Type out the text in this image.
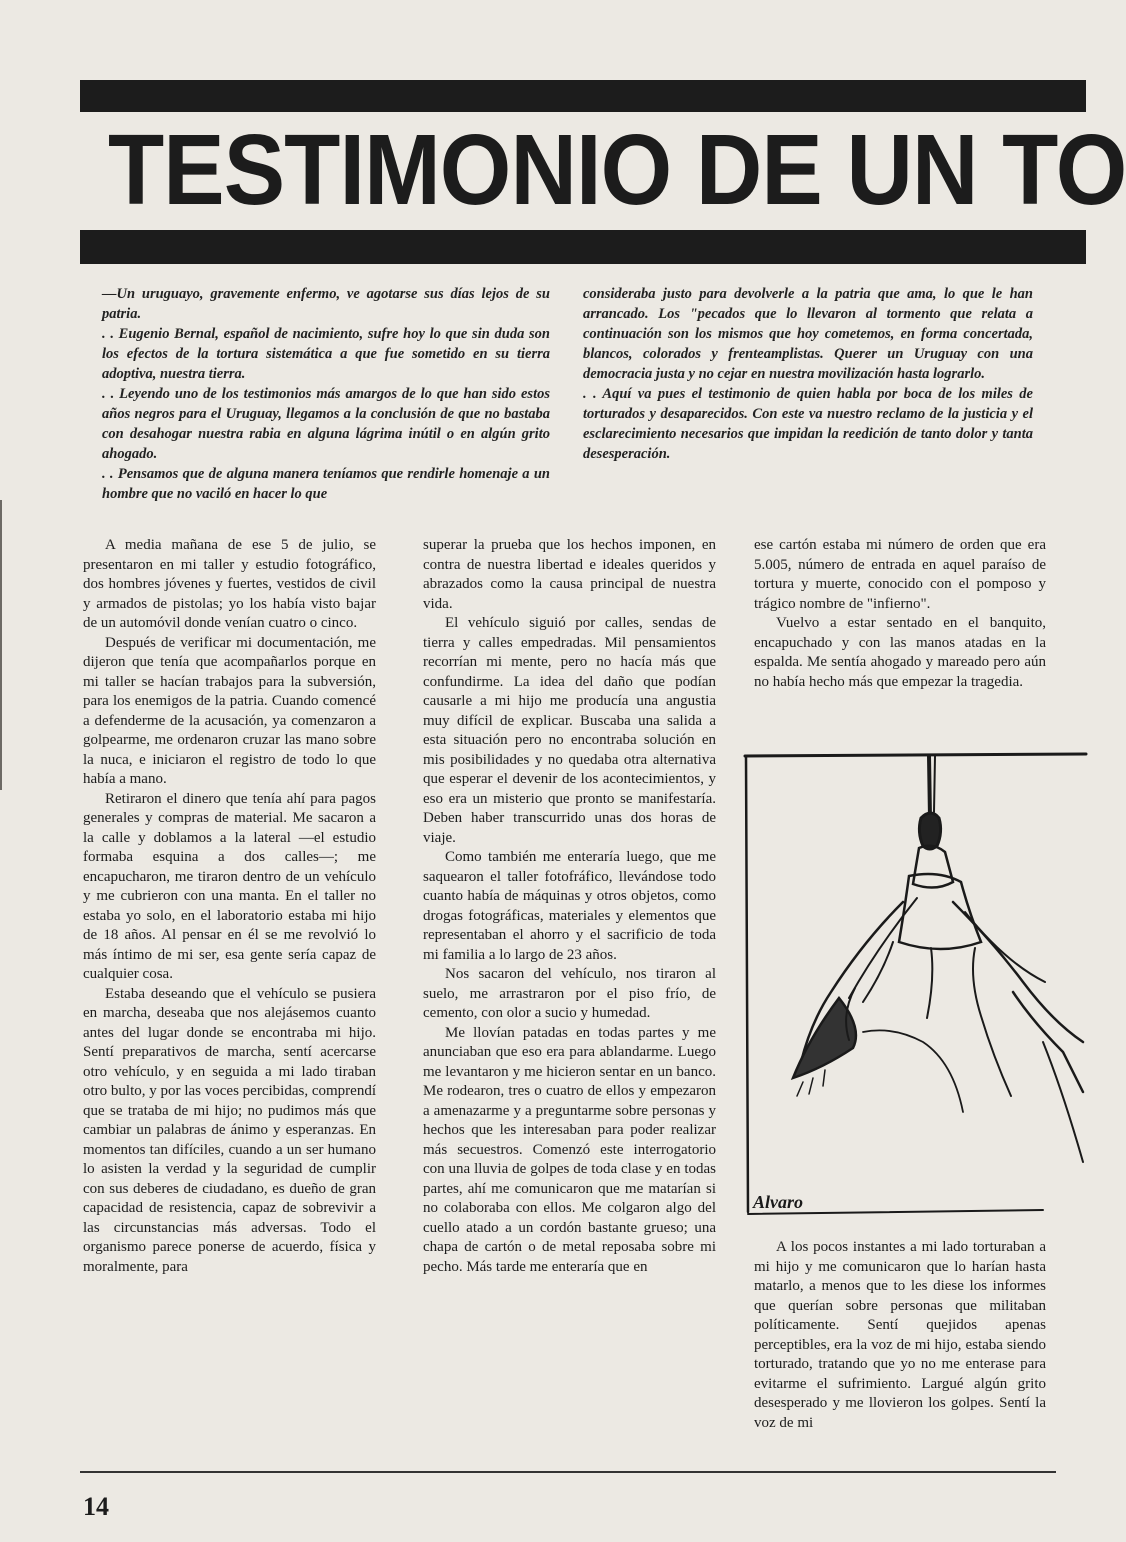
TESTIMONIO DE UN TO

—Un uruguayo, gravemente enfermo, ve agotarse sus días lejos de su patria.

. . Eugenio Bernal, español de nacimiento, sufre hoy lo que sin duda son los efectos de la tortura sistemática a que fue sometido en su tierra adoptiva, nuestra tierra.

. . Leyendo uno de los testimonios más amargos de lo que han sido estos años negros para el Uruguay, llegamos a la conclusión de que no bastaba con desahogar nuestra rabia en alguna lágrima inútil o en algún grito ahogado.

. . Pensamos que de alguna manera teníamos que rendirle homenaje a un hombre que no vaciló en hacer lo que

consideraba justo para devolverle a la patria que ama, lo que le han arrancado. Los "pecados que lo llevaron al tormento que relata a continuación son los mismos que hoy cometemos, en forma concertada, blancos, colorados y frenteamplistas. Querer un Uruguay con una democracia justa y no cejar en nuestra movilización hasta lograrlo.

. . Aquí va pues el testimonio de quien habla por boca de los miles de torturados y desaparecidos. Con este va nuestro reclamo de la justicia y el esclarecimiento necesarios que impidan la reedición de tanto dolor y tanta desesperación.

A media mañana de ese 5 de julio, se presentaron en mi taller y estudio fotográfico, dos hombres jóvenes y fuertes, vestidos de civil y armados de pistolas; yo los había visto bajar de un automóvil donde venían cuatro o cinco.

Después de verificar mi documentación, me dijeron que tenía que acompañarlos porque en mi taller se hacían trabajos para la subversión, para los enemigos de la patria. Cuando comencé a defenderme de la acusación, ya comenzaron a golpearme, me ordenaron cruzar las mano sobre la nuca, e iniciaron el registro de todo lo que había a mano.

Retiraron el dinero que tenía ahí para pagos generales y compras de material. Me sacaron a la calle y doblamos a la lateral —el estudio formaba esquina a dos calles—; me encapucharon, me tiraron dentro de un vehículo y me cubrieron con una manta. En el taller no estaba yo solo, en el laboratorio estaba mi hijo de 18 años. Al pensar en él se me revolvió lo más íntimo de mi ser, esa gente sería capaz de cualquier cosa.

Estaba deseando que el vehículo se pusiera en marcha, deseaba que nos alejásemos cuanto antes del lugar donde se encontraba mi hijo. Sentí preparativos de marcha, sentí acercarse otro vehículo, y en seguida a mi lado tiraban otro bulto, y por las voces percibidas, comprendí que se trataba de mi hijo; no pudimos más que cambiar un palabras de ánimo y esperanzas. En momentos tan difíciles, cuando a un ser humano lo asisten la verdad y la seguridad de cumplir con sus deberes de ciudadano, es dueño de gran capacidad de resistencia, capaz de sobrevivir a las circunstancias más adversas. Todo el organismo parece ponerse de acuerdo, física y moralmente, para

superar la prueba que los hechos imponen, en contra de nuestra libertad e ideales queridos y abrazados como la causa principal de nuestra vida.

El vehículo siguió por calles, sendas de tierra y calles empedradas. Mil pensamientos recorrían mi mente, pero no hacía más que confundirme. La idea del daño que podían causarle a mi hijo me producía una angustia muy difícil de explicar. Buscaba una salida a esta situación pero no encontraba solución en mis posibilidades y no quedaba otra alternativa que esperar el devenir de los acontecimientos, y eso era un misterio que pronto se manifestaría. Deben haber transcurrido unas dos horas de viaje.

Como también me enteraría luego, que me saquearon el taller fotofráfico, llevándose todo cuanto había de máquinas y otros objetos, como drogas fotográficas, materiales y elementos que representaban el ahorro y el sacrificio de toda mi familia a lo largo de 23 años.

Nos sacaron del vehículo, nos tiraron al suelo, me arrastraron por el piso frío, de cemento, con olor a sucio y humedad.

Me llovían patadas en todas partes y me anunciaban que eso era para ablandarme. Luego me levantaron y me hicieron sentar en un banco. Me rodearon, tres o cuatro de ellos y empezaron a amenazarme y a preguntarme sobre personas y hechos que les interesaban para poder realizar más secuestros. Comenzó este interrogatorio con una lluvia de golpes de toda clase y en todas partes, ahí me comunicaron que me matarían si no colaboraba con ellos. Me colgaron algo del cuello atado a un cordón bastante grueso; una chapa de cartón o de metal reposaba sobre mi pecho. Más tarde me enteraría que en

ese cartón estaba mi número de orden que era 5.005, número de entrada en aquel paraíso de tortura y muerte, conocido con el pomposo y trágico nombre de "infierno".

Vuelvo a estar sentado en el banquito, encapuchado y con las manos atadas en la espalda. Me sentía ahogado y mareado pero aún no había hecho más que empezar la tragedia.

Alvaro

A los pocos instantes a mi lado torturaban a mi hijo y me comunicaron que lo harían hasta matarlo, a menos que to les diese los informes que querían sobre personas que militaban políticamente. Sentí quejidos apenas perceptibles, era la voz de mi hijo, estaba siendo torturado, tratando que yo no me enterase para evitarme el sufrimiento. Largué algún grito desesperado y me llovieron los golpes. Sentí la voz de mi

14
